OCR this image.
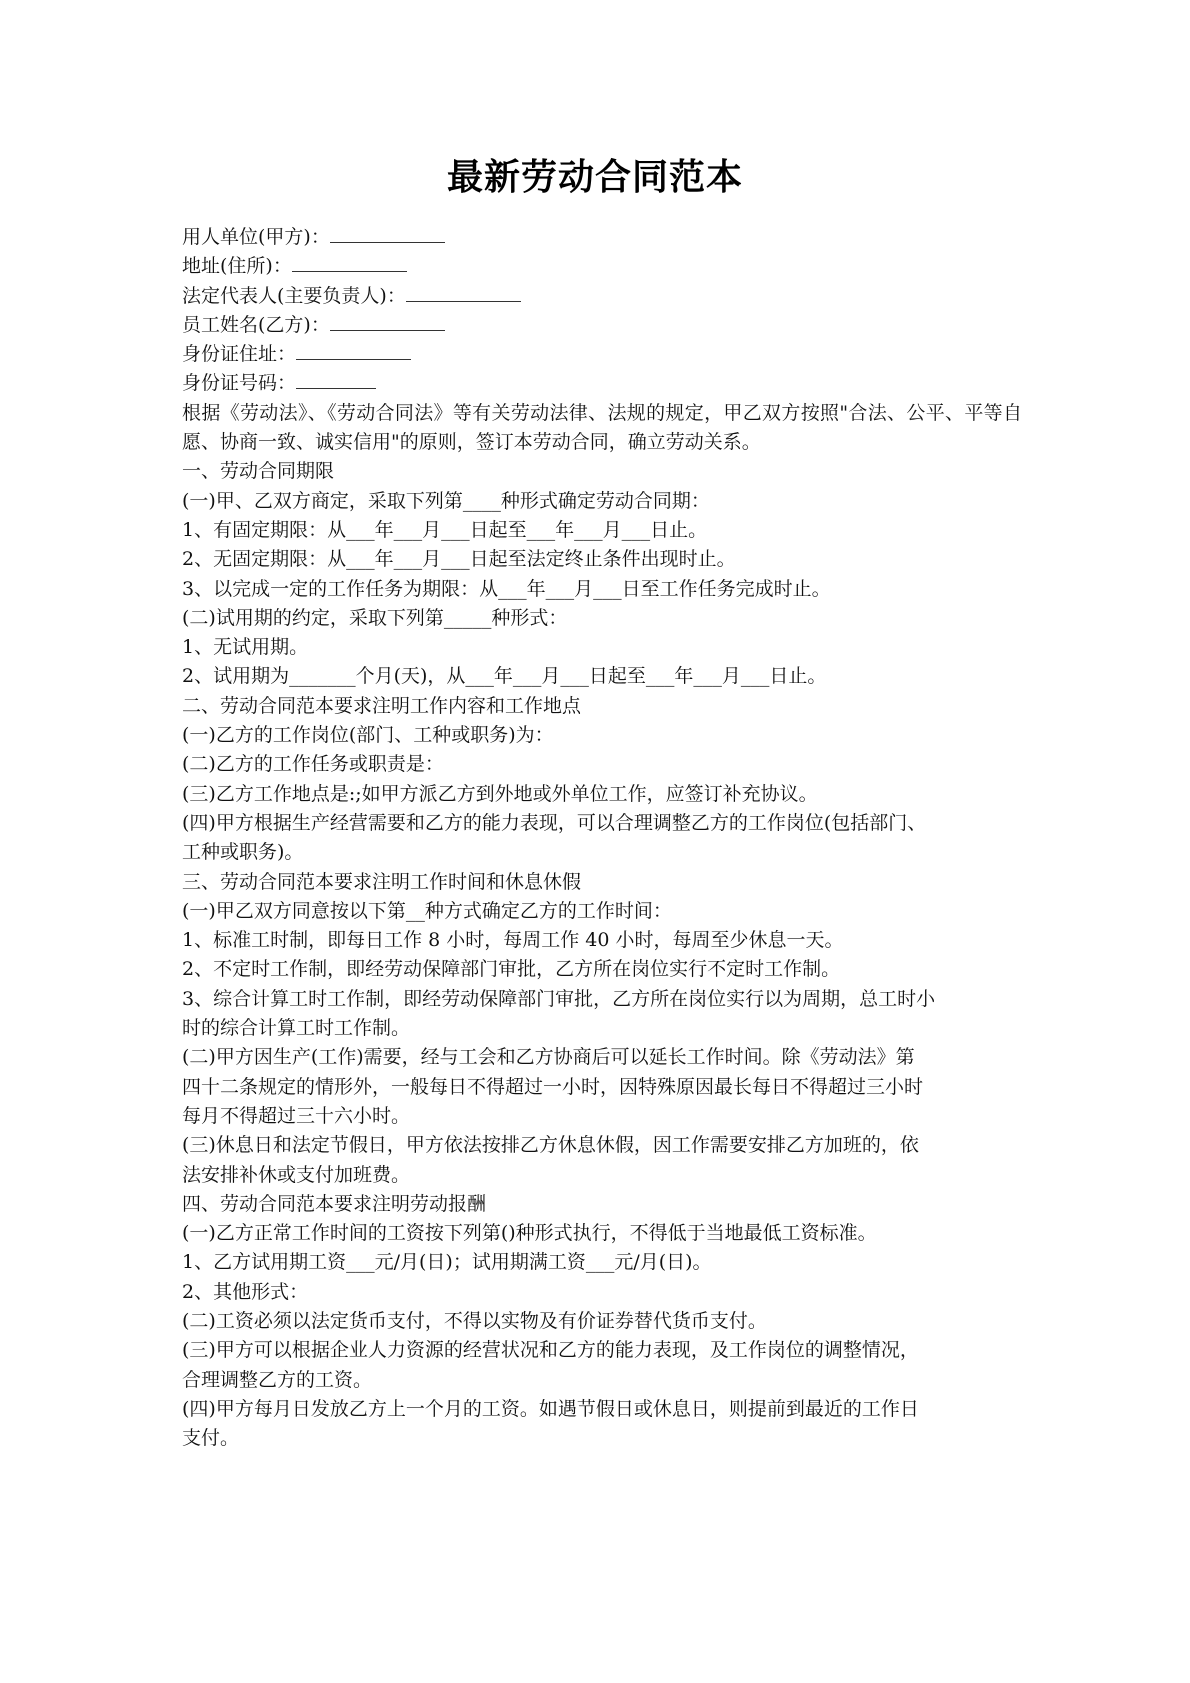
最新劳动合同范本
用人单位(甲方)：
地址(住所)：
法定代表人(主要负责人)：
员工姓名(乙方)：
身份证住址：
身份证号码：
根据《劳动法》、《劳动合同法》等有关劳动法律、法规的规定，甲乙双方按照"合法、公平、平等自愿、协商一致、诚实信用"的原则，签订本劳动合同，确立劳动关系。
一、劳动合同期限
(一)甲、乙双方商定，采取下列第____种形式确定劳动合同期：
1、有固定期限：从___年___月___日起至___年___月___日止。
2、无固定期限：从___年___月___日起至法定终止条件出现时止。
3、以完成一定的工作任务为期限：从___年___月___日至工作任务完成时止。
(二)试用期的约定，采取下列第_____种形式：
1、无试用期。
2、试用期为_______个月(天)，从___年___月___日起至___年___月___日止。
二、劳动合同范本要求注明工作内容和工作地点
(一)乙方的工作岗位(部门、工种或职务)为：
(二)乙方的工作任务或职责是：
(三)乙方工作地点是:;如甲方派乙方到外地或外单位工作，应签订补充协议。
(四)甲方根据生产经营需要和乙方的能力表现，可以合理调整乙方的工作岗位(包括部门、
工种或职务)。
三、劳动合同范本要求注明工作时间和休息休假
(一)甲乙双方同意按以下第__种方式确定乙方的工作时间：
1、标准工时制，即每日工作 8 小时，每周工作 40 小时，每周至少休息一天。
2、不定时工作制，即经劳动保障部门审批，乙方所在岗位实行不定时工作制。
3、综合计算工时工作制，即经劳动保障部门审批，乙方所在岗位实行以为周期，总工时小
时的综合计算工时工作制。
(二)甲方因生产(工作)需要，经与工会和乙方协商后可以延长工作时间。除《劳动法》第
四十二条规定的情形外，一般每日不得超过一小时，因特殊原因最长每日不得超过三小时
每月不得超过三十六小时。
(三)休息日和法定节假日，甲方依法按排乙方休息休假，因工作需要安排乙方加班的，依
法安排补休或支付加班费。
四、劳动合同范本要求注明劳动报酬
(一)乙方正常工作时间的工资按下列第()种形式执行，不得低于当地最低工资标准。
1、乙方试用期工资___元/月(日)；试用期满工资___元/月(日)。
2、其他形式：
(二)工资必须以法定货币支付，不得以实物及有价证券替代货币支付。
(三)甲方可以根据企业人力资源的经营状况和乙方的能力表现，及工作岗位的调整情况，
合理调整乙方的工资。
(四)甲方每月日发放乙方上一个月的工资。如遇节假日或休息日，则提前到最近的工作日
支付。
